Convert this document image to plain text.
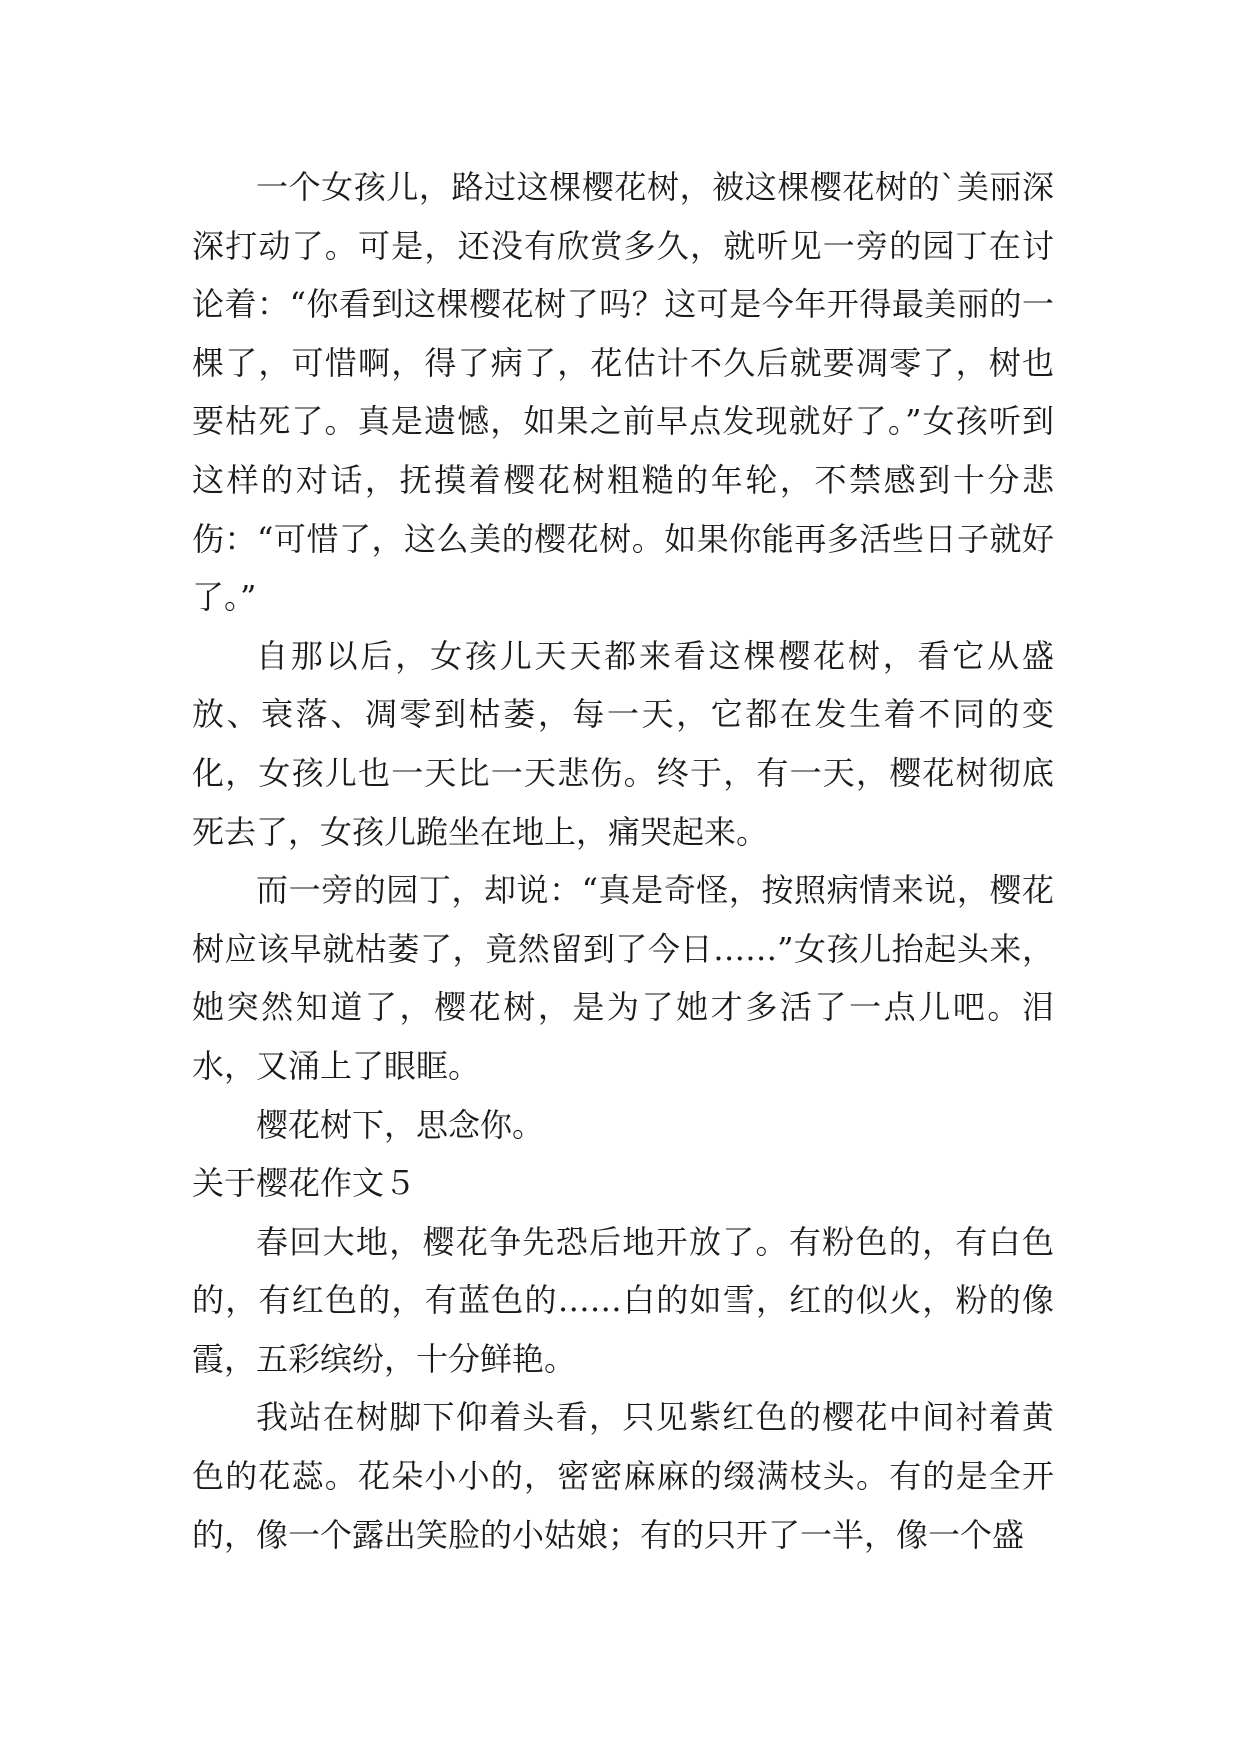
一个女孩儿，路过这棵樱花树，被这棵樱花树的`美丽深深打动了。可是，还没有欣赏多久，就听见一旁的园丁在讨论着：“你看到这棵樱花树了吗？这可是今年开得最美丽的一棵了，可惜啊，得了病了，花估计不久后就要凋零了，树也要枯死了。真是遗憾，如果之前早点发现就好了。”女孩听到这样的对话，抚摸着樱花树粗糙的年轮，不禁感到十分悲伤：“可惜了，这么美的樱花树。如果你能再多活些日子就好了。”

自那以后，女孩儿天天都来看这棵樱花树，看它从盛放、衰落、凋零到枯萎，每一天，它都在发生着不同的变化，女孩儿也一天比一天悲伤。终于，有一天，樱花树彻底死去了，女孩儿跪坐在地上，痛哭起来。

而一旁的园丁，却说：“真是奇怪，按照病情来说，樱花树应该早就枯萎了，竟然留到了今日……”女孩儿抬起头来，她突然知道了，樱花树，是为了她才多活了一点儿吧。泪水，又涌上了眼眶。

樱花树下，思念你。

关于樱花作文５

春回大地，樱花争先恐后地开放了。有粉色的，有白色的，有红色的，有蓝色的……白的如雪，红的似火，粉的像霞，五彩缤纷，十分鲜艳。

我站在树脚下仰着头看，只见紫红色的樱花中间衬着黄色的花蕊。花朵小小的，密密麻麻的缀满枝头。有的是全开的，像一个露出笑脸的小姑娘；有的只开了一半，像一个盛
